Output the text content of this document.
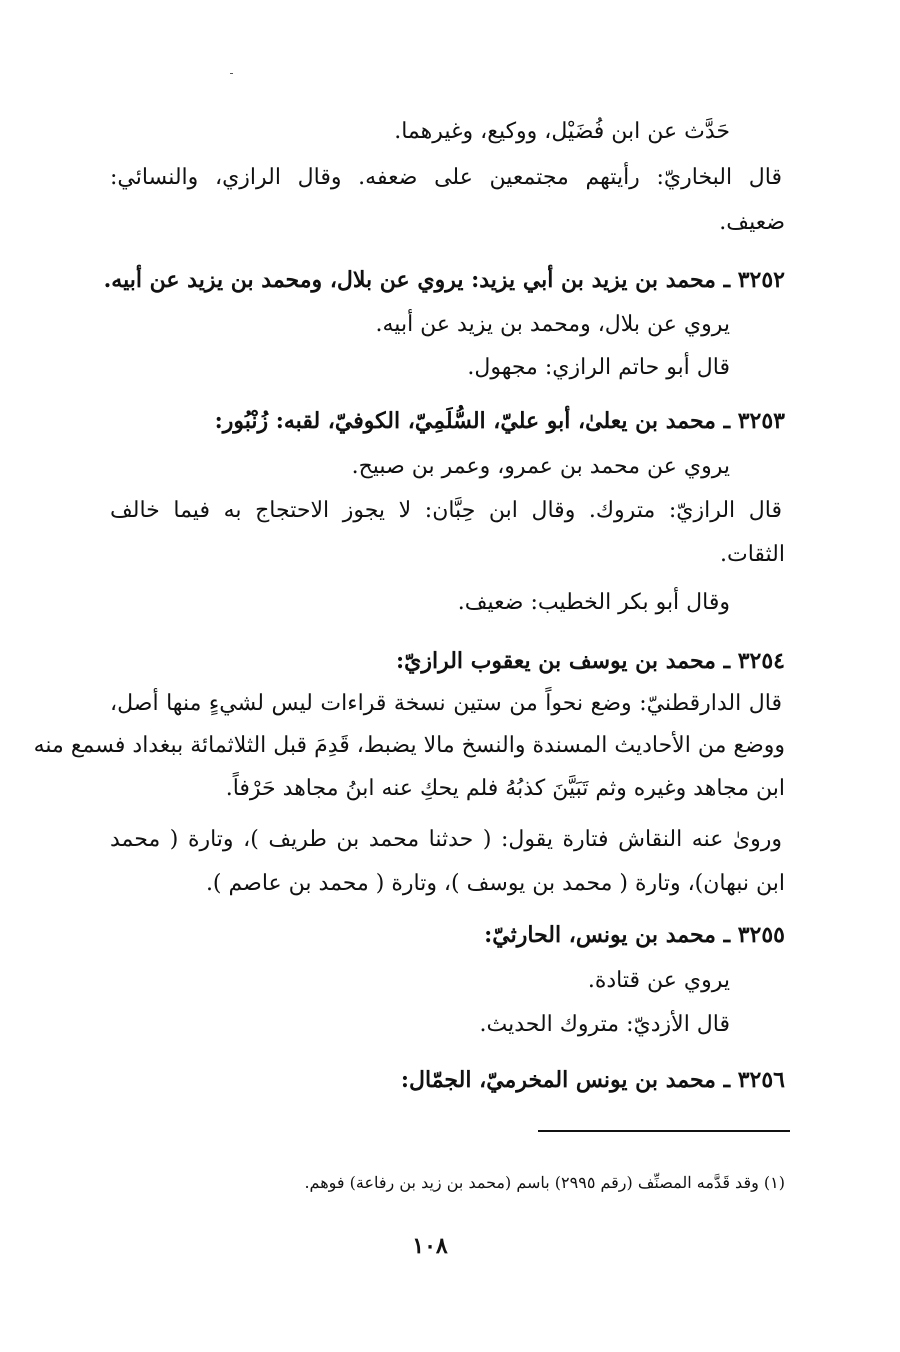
حَدَّث عن ابن فُضَيْل، ووكيع، وغيرهما.
قال البخاريّ: رأيتهم مجتمعين على ضعفه. وقال الرازي، والنسائي:
ضعيف.
٣٢٥٢ ـ محمد بن يزيد بن أبي يزيد: يروي عن بلال، ومحمد بن يزيد عن أبيه.
يروي عن بلال، ومحمد بن يزيد عن أبيه.
قال أبو حاتم الرازي: مجهول.
٣٢٥٣ ـ محمد بن يعلىٰ، أبو عليّ، السُّلَمِيّ، الكوفيّ، لقبه: زُنْبُور:
يروي عن محمد بن عمرو، وعمر بن صبيح.
قال الرازيّ: متروك. وقال ابن حِبَّان: لا يجوز الاحتجاج به فيما خالف
الثقات.
وقال أبو بكر الخطيب: ضعيف.
٣٢٥٤ ـ محمد بن يوسف بن يعقوب الرازيّ:
قال الدارقطنيّ: وضع نحواً من ستين نسخة قراءات ليس لشيءٍ منها أصل،
ووضع من الأحاديث المسندة والنسخ مالا يضبط، قَدِمَ قبل الثلاثمائة ببغداد فسمع منه
ابن مجاهد وغيره وثم تَبَيَّنَ كذبُهُ فلم يحكِ عنه ابنُ مجاهد حَرْفاً.
وروىٰ عنه النقاش فتارة يقول: ( حدثنا محمد بن طريف )، وتارة ( محمد
ابن نبهان)، وتارة ( محمد بن يوسف )، وتارة ( محمد بن عاصم ).
٣٢٥٥ ـ محمد بن يونس، الحارثيّ:
يروي عن قتادة.
قال الأزديّ: متروك الحديث.
٣٢٥٦ ـ محمد بن يونس المخرميّ، الجمّال:
(١) وقد قَدَّمه المصنِّف (رقم ٢٩٩٥) باسم (محمد بن زيد بن رفاعة) فوهم.
١٠٨
